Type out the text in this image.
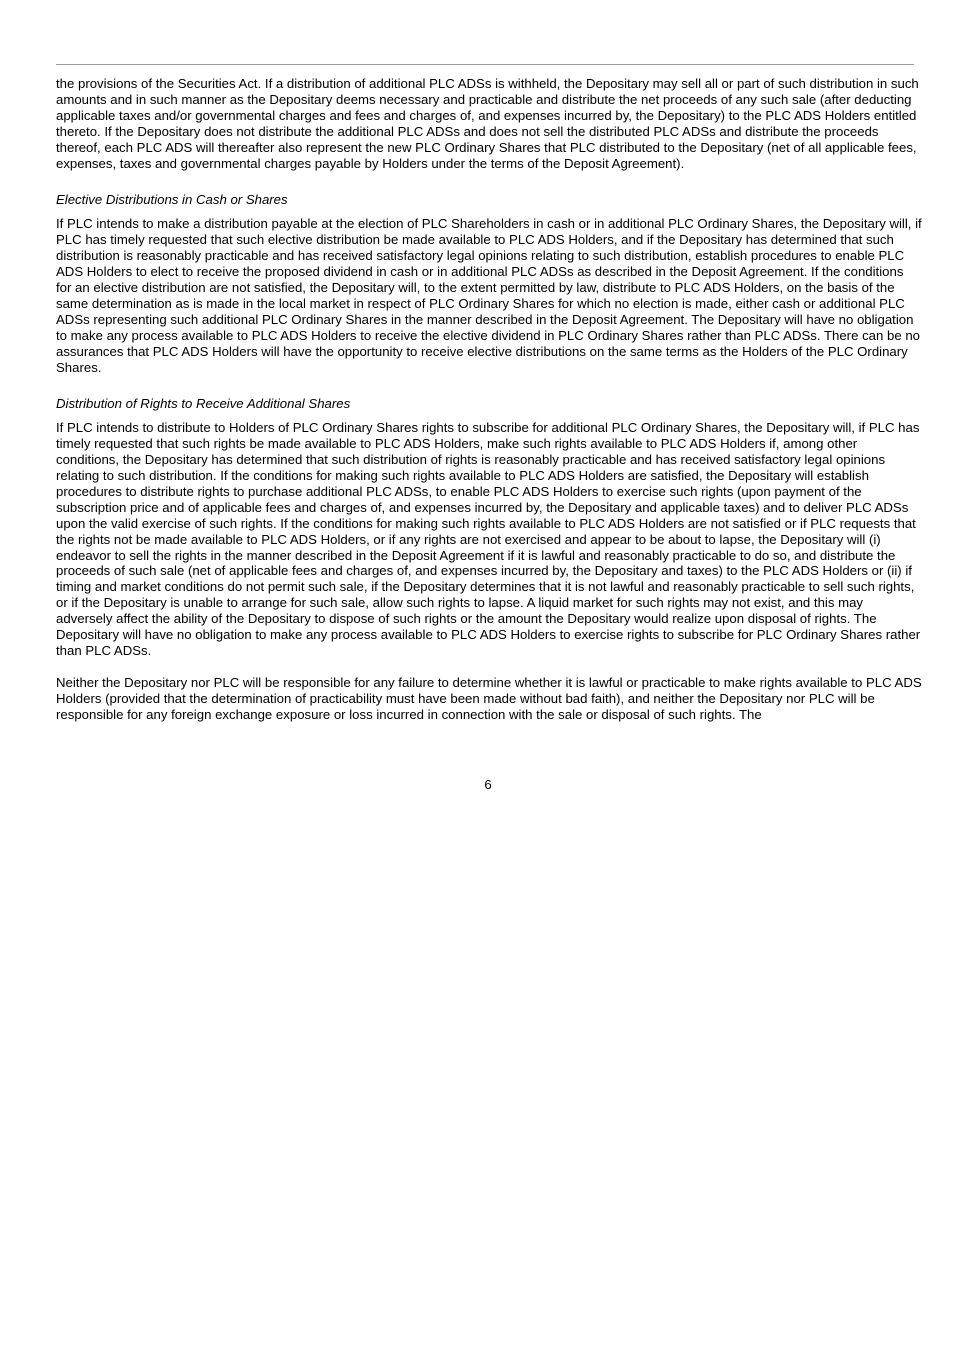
the provisions of the Securities Act. If a distribution of additional PLC ADSs is withheld, the Depositary may sell all or part of such distribution in such amounts and in such manner as the Depositary deems necessary and practicable and distribute the net proceeds of any such sale (after deducting applicable taxes and/or governmental charges and fees and charges of, and expenses incurred by, the Depositary) to the PLC ADS Holders entitled thereto. If the Depositary does not distribute the additional PLC ADSs and does not sell the distributed PLC ADSs and distribute the proceeds thereof, each PLC ADS will thereafter also represent the new PLC Ordinary Shares that PLC distributed to the Depositary (net of all applicable fees, expenses, taxes and governmental charges payable by Holders under the terms of the Deposit Agreement).

Elective Distributions in Cash or Shares

If PLC intends to make a distribution payable at the election of PLC Shareholders in cash or in additional PLC Ordinary Shares, the Depositary will, if PLC has timely requested that such elective distribution be made available to PLC ADS Holders, and if the Depositary has determined that such distribution is reasonably practicable and has received satisfactory legal opinions relating to such distribution, establish procedures to enable PLC ADS Holders to elect to receive the proposed dividend in cash or in additional PLC ADSs as described in the Deposit Agreement. If the conditions for an elective distribution are not satisfied, the Depositary will, to the extent permitted by law, distribute to PLC ADS Holders, on the basis of the same determination as is made in the local market in respect of PLC Ordinary Shares for which no election is made, either cash or additional PLC ADSs representing such additional PLC Ordinary Shares in the manner described in the Deposit Agreement. The Depositary will have no obligation to make any process available to PLC ADS Holders to receive the elective dividend in PLC Ordinary Shares rather than PLC ADSs. There can be no assurances that PLC ADS Holders will have the opportunity to receive elective distributions on the same terms as the Holders of the PLC Ordinary Shares.

Distribution of Rights to Receive Additional Shares

If PLC intends to distribute to Holders of PLC Ordinary Shares rights to subscribe for additional PLC Ordinary Shares, the Depositary will, if PLC has timely requested that such rights be made available to PLC ADS Holders, make such rights available to PLC ADS Holders if, among other conditions, the Depositary has determined that such distribution of rights is reasonably practicable and has received satisfactory legal opinions relating to such distribution. If the conditions for making such rights available to PLC ADS Holders are satisfied, the Depositary will establish procedures to distribute rights to purchase additional PLC ADSs, to enable PLC ADS Holders to exercise such rights (upon payment of the subscription price and of applicable fees and charges of, and expenses incurred by, the Depositary and applicable taxes) and to deliver PLC ADSs upon the valid exercise of such rights. If the conditions for making such rights available to PLC ADS Holders are not satisfied or if PLC requests that the rights not be made available to PLC ADS Holders, or if any rights are not exercised and appear to be about to lapse, the Depositary will (i) endeavor to sell the rights in the manner described in the Deposit Agreement if it is lawful and reasonably practicable to do so, and distribute the proceeds of such sale (net of applicable fees and charges of, and expenses incurred by, the Depositary and taxes) to the PLC ADS Holders or (ii) if timing and market conditions do not permit such sale, if the Depositary determines that it is not lawful and reasonably practicable to sell such rights, or if the Depositary is unable to arrange for such sale, allow such rights to lapse. A liquid market for such rights may not exist, and this may adversely affect the ability of the Depositary to dispose of such rights or the amount the Depositary would realize upon disposal of rights. The Depositary will have no obligation to make any process available to PLC ADS Holders to exercise rights to subscribe for PLC Ordinary Shares rather than PLC ADSs.

Neither the Depositary nor PLC will be responsible for any failure to determine whether it is lawful or practicable to make rights available to PLC ADS Holders (provided that the determination of practicability must have been made without bad faith), and neither the Depositary nor PLC will be responsible for any foreign exchange exposure or loss incurred in connection with the sale or disposal of such rights. The

6
